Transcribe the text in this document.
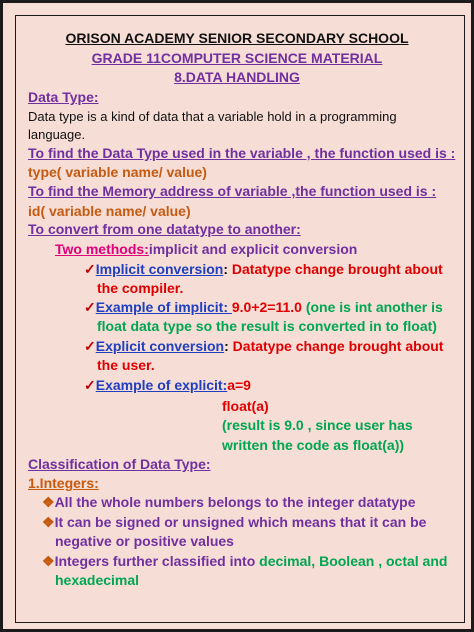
ORISON ACADEMY SENIOR SECONDARY SCHOOL
GRADE 11COMPUTER SCIENCE MATERIAL
8.DATA HANDLING
Data Type:
Data type is a kind of data that a variable hold in a programming
language.
To find the Data Type used in the variable , the function used is :
type( variable name/ value)
To find the Memory address of variable ,the function used is :
id( variable name/ value)
To convert from one datatype to another:
Two methods:implicit and explicit conversion
✓Implicit conversion: Datatype change brought about
the compiler.
✓Example of implicit: 9.0+2=11.0 (one is int another is
float data type so the result is converted in to float)
✓Explicit conversion: Datatype change brought about
the user.
✓Example of explicit:a=9
float(a)
(result is 9.0 , since user has
written the code as float(a))
Classification of Data Type:
1.Integers:
❖All the whole numbers belongs to the integer datatype
❖It can be signed or unsigned which means that it can be
negative or positive values
❖Integers further classified into decimal, Boolean , octal and
hexadecimal
